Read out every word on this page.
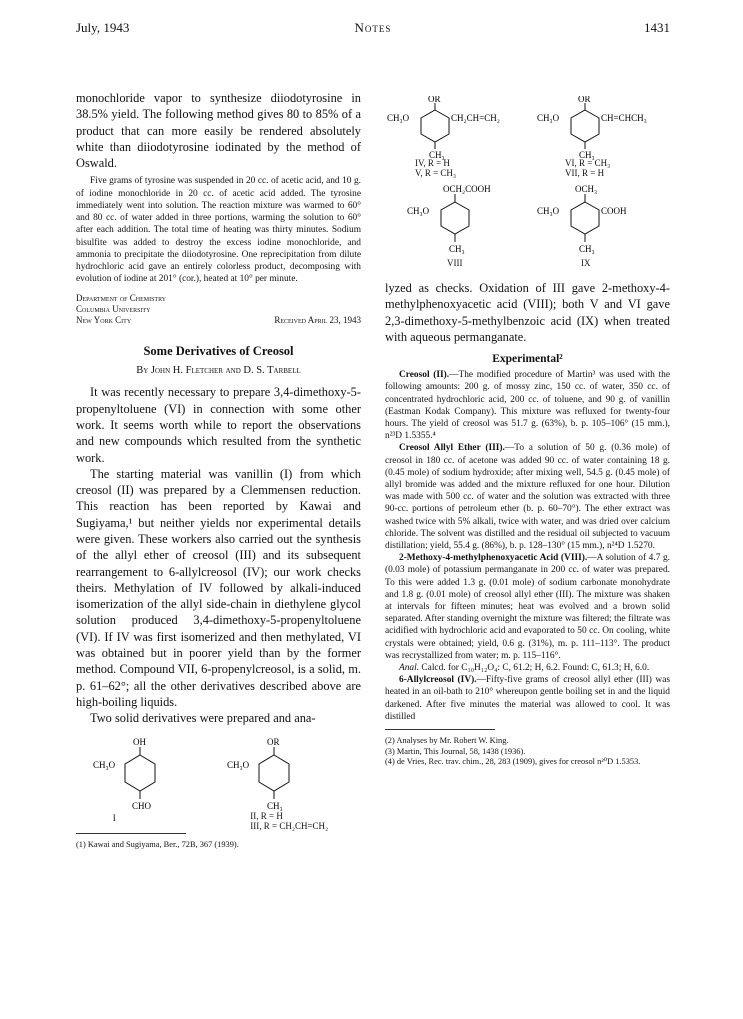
July, 1943	Notes	1431

monochloride vapor to synthesize diiodotyrosine in 38.5% yield. The following method gives 80 to 85% of a product that can more easily be rendered absolutely white than diiodotyrosine iodinated by the method of Oswald.

Five grams of tyrosine was suspended in 20 cc. of acetic acid, and 10 g. of iodine monochloride in 20 cc. of acetic acid added. The tyrosine immediately went into solution. The reaction mixture was warmed to 60° and 80 cc. of water added in three portions, warming the solution to 60° after each addition. The total time of heating was thirty minutes. Sodium bisulfite was added to destroy the excess iodine monochloride, and ammonia to precipitate the diiodotyrosine. One reprecipitation from dilute hydrochloric acid gave an entirely colorless product, decomposing with evolution of iodine at 201° (cor.), heated at 10° per minute.

Department of Chemistry
Columbia University
New York City	Received April 23, 1943
Some Derivatives of Creosol
By John H. Fletcher and D. S. Tarbell

It was recently necessary to prepare 3,4-dimethoxy-5-propenyltoluene (VI) in connection with some other work. It seems worth while to report the observations and new compounds which resulted from the synthetic work.

The starting material was vanillin (I) from which creosol (II) was prepared by a Clemmensen reduction. This reaction has been reported by Kawai and Sugiyama,¹ but neither yields nor experimental details were given. These workers also carried out the synthesis of the allyl ether of creosol (III) and its subsequent rearrangement to 6-allylcreosol (IV); our work checks theirs. Methylation of IV followed by alkali-induced isomerization of the allyl side-chain in diethylene glycol solution produced 3,4-dimethoxy-5-propenyltoluene (VI). If IV was first isomerized and then methylated, VI was obtained but in poorer yield than by the former method. Compound VII, 6-propenylcreosol, is a solid, m. p. 61–62°; all the other derivatives described above are high-boiling liquids.

Two solid derivatives were prepared and ana-

OH
CH₃O
CHO
I
OR
CH₃O
CH₃
II, R = H
III, R = CH₂CH=CH₂
(1) Kawai and Sugiyama, Ber., 72B, 367 (1939).
OR
CH₃O	CH₂CH=CH₂
CH₃
IV, R = H
V, R = CH₃
OR
CH₃O	CH=CHCH₃
CH₃
VI, R = CH₃
VII, R = H
OCH₂COOH
CH₃O
CH₃
VIII
OCH₃
CH₃O	COOH
CH₃
IX

lyzed as checks. Oxidation of III gave 2-methoxy-4-methylphenoxyacetic acid (VIII); both V and VI gave 2,3-dimethoxy-5-methylbenzoic acid (IX) when treated with aqueous permanganate.

Experimental²

Creosol (II).—The modified procedure of Martin³ was used with the following amounts: 200 g. of mossy zinc, 150 cc. of water, 350 cc. of concentrated hydrochloric acid, 200 cc. of toluene, and 90 g. of vanillin (Eastman Kodak Company). This mixture was refluxed for twenty-four hours. The yield of creosol was 51.7 g. (63%), b. p. 105–106° (15 mm.), n²³D 1.5355.⁴

Creosol Allyl Ether (III).—To a solution of 50 g. (0.36 mole) of creosol in 180 cc. of acetone was added 90 cc. of water containing 18 g. (0.45 mole) of sodium hydroxide; after mixing well, 54.5 g. (0.45 mole) of allyl bromide was added and the mixture refluxed for one hour. Dilution was made with 500 cc. of water and the solution was extracted with three 90-cc. portions of petroleum ether (b. p. 60–70°). The ether extract was washed twice with 5% alkali, twice with water, and was dried over calcium chloride. The solvent was distilled and the residual oil subjected to vacuum distillation; yield, 55.4 g. (86%), b. p. 128–130° (15 mm.), n²⁴D 1.5270.

2-Methoxy-4-methylphenoxyacetic Acid (VIII).—A solution of 4.7 g. (0.03 mole) of potassium permanganate in 200 cc. of water was prepared. To this were added 1.3 g. (0.01 mole) of sodium carbonate monohydrate and 1.8 g. (0.01 mole) of creosol allyl ether (III). The mixture was shaken at intervals for fifteen minutes; heat was evolved and a brown solid separated. After standing overnight the mixture was filtered; the filtrate was acidified with hydrochloric acid and evaporated to 50 cc. On cooling, white crystals were obtained; yield, 0.6 g. (31%), m. p. 111–113°. The product was recrystallized from water; m. p. 115–116°.

Anal. Calcd. for C₁₀H₁₂O₄: C, 61.2; H, 6.2. Found: C, 61.3; H, 6.0.

6-Allylcreosol (IV).—Fifty-five grams of creosol allyl ether (III) was heated in an oil-bath to 210° whereupon gentle boiling set in and the liquid darkened. After five minutes the material was allowed to cool. It was distilled

(2) Analyses by Mr. Robert W. King.
(3) Martin, This Journal, 58, 1438 (1936).
(4) de Vries, Rec. trav. chim., 28, 283 (1909), gives for creosol n²⁰D 1.5353.
